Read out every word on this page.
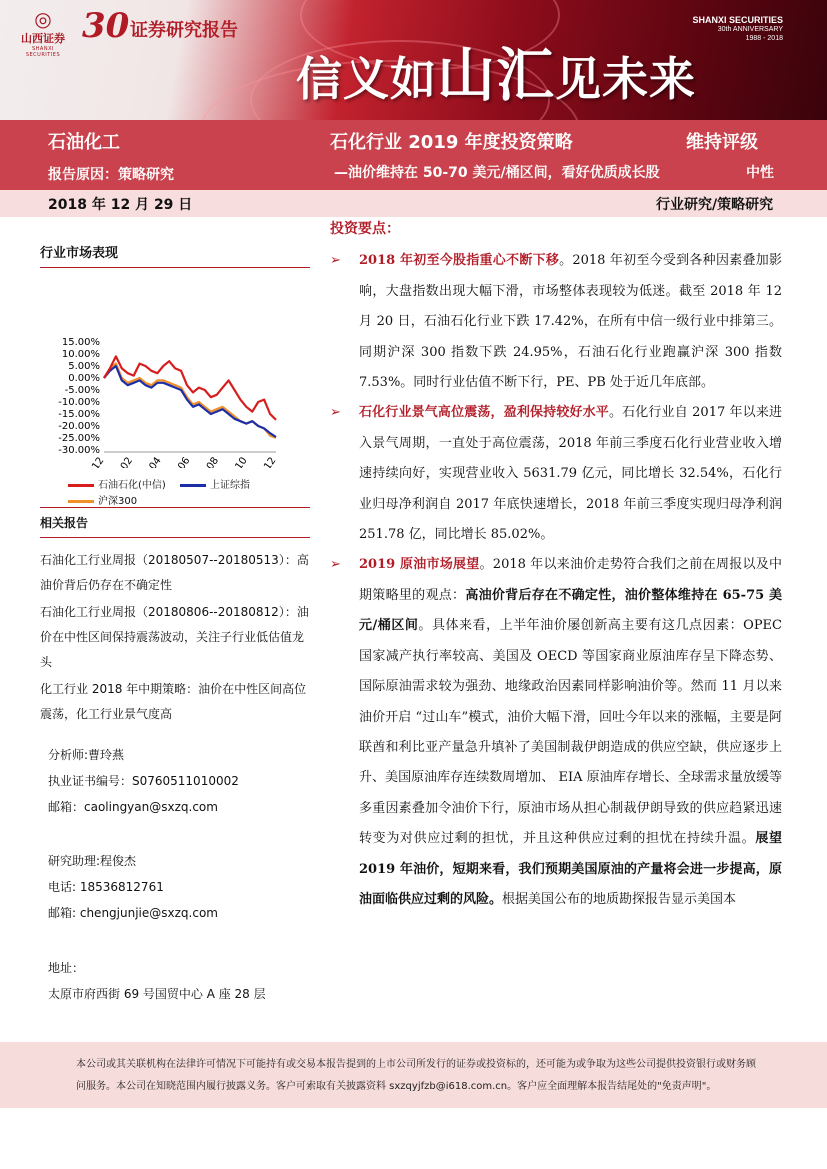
◎
山西证券
SHANXI SECURITIES
30 证券研究报告	SHANXI SECURITIES
30th ANNIVERSARY
1988 - 2018
信义如山汇见未来
石油化工	石化行业 2019 年度投资策略	维持评级
报告原因：策略研究	—油价维持在 50-70 美元/桶区间，看好优质成长股	中性
2018 年 12 月 29 日	行业研究/策略研究
行业市场表现
15.00%
10.00%
5.00%
0.00%
-5.00%
-10.00%
-15.00%
-20.00%
-25.00%
-30.00%
石油石化(中信)	上证综指
沪深300
相关报告

石油化工行业周报（20180507--20180513）：高油价背后仍存在不确定性

石油化工行业周报（20180806--20180812）：油价在中性区间保持震荡波动，关注子行业低估值龙头

化工行业 2018 年中期策略：油价在中性区间高位震荡，化工行业景气度高

分析师:曹玲燕
执业证书编号：S0760511010002
邮箱：caolingyan@sxzq.com
研究助理:程俊杰
电话: 18536812761
邮箱: chengjunjie@sxzq.com
地址：
太原市府西街 69 号国贸中心 A 座 28 层
投资要点：
➢ 2018 年初至今股指重心不断下移。2018 年初至今受到各种因素叠加影响，大盘指数出现大幅下滑，市场整体表现较为低迷。截至 2018 年 12 月 20 日，石油石化行业下跌 17.42%，在所有中信一级行业中排第三。同期沪深 300 指数下跌 24.95%，石油石化行业跑赢沪深 300 指数 7.53%。同时行业估值不断下行，PE、PB 处于近几年底部。
➢ 石化行业景气高位震荡，盈利保持较好水平。石化行业自 2017 年以来进入景气周期，一直处于高位震荡，2018 年前三季度石化行业营业收入增速持续向好，实现营业收入 5631.79 亿元，同比增长 32.54%，石化行业归母净利润自 2017 年底快速增长，2018 年前三季度实现归母净利润 251.78 亿，同比增长 85.02%。
➢ 2019 原油市场展望。2018 年以来油价走势符合我们之前在周报以及中期策略里的观点：高油价背后存在不确定性，油价整体维持在 65-75 美元/桶区间。具体来看，上半年油价屡创新高主要有这几点因素：OPEC 国家减产执行率较高、美国及 OECD 等国家商业原油库存呈下降态势、国际原油需求较为强劲、地缘政治因素同样影响油价等。然而 11 月以来油价开启 “过山车”模式，油价大幅下滑，回吐今年以来的涨幅，主要是阿联酋和利比亚产量急升填补了美国制裁伊朗造成的供应空缺，供应逐步上升、美国原油库存连续数周增加、 EIA 原油库存增长、全球需求量放缓等多重因素叠加令油价下行，原油市场从担心制裁伊朗导致的供应趋紧迅速转变为对供应过剩的担忧，并且这种供应过剩的担忧在持续升温。展望 2019 年油价，短期来看，我们预期美国原油的产量将会进一步提高，原油面临供应过剩的风险。根据美国公布的地质勘探报告显示美国本
本公司或其关联机构在法律许可情况下可能持有或交易本报告提到的上市公司所发行的证券或投资标的，还可能为或争取为这些公司提供投资银行或财务顾问服务。本公司在知晓范围内履行披露义务。客户可索取有关披露资料 sxzqyjfzb@i618.com.cn。客户应全面理解本报告结尾处的"免责声明"。
